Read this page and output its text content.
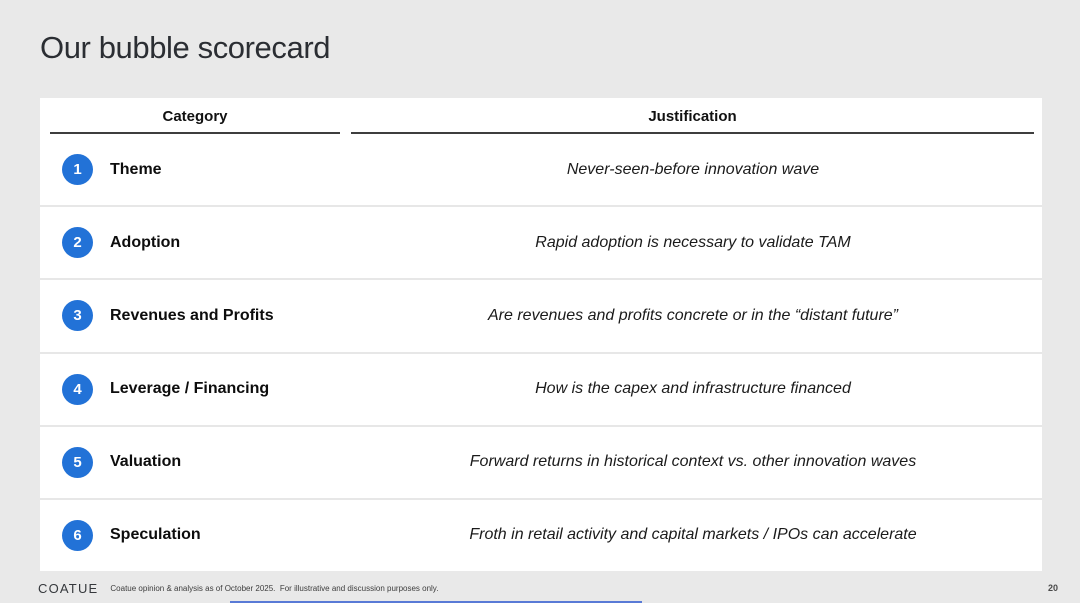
Our bubble scorecard
Category	Justification
1	Theme	Never-seen-before innovation wave
2	Adoption	Rapid adoption is necessary to validate TAM
3	Revenues and Profits	Are revenues and profits concrete or in the “distant future”
4	Leverage / Financing	How is the capex and infrastructure financed
5	Valuation	Forward returns in historical context vs. other innovation waves
6	Speculation	Froth in retail activity and capital markets / IPOs can accelerate
COATUE Coatue opinion & analysis as of October 2025.  For illustrative and discussion purposes only.	20
